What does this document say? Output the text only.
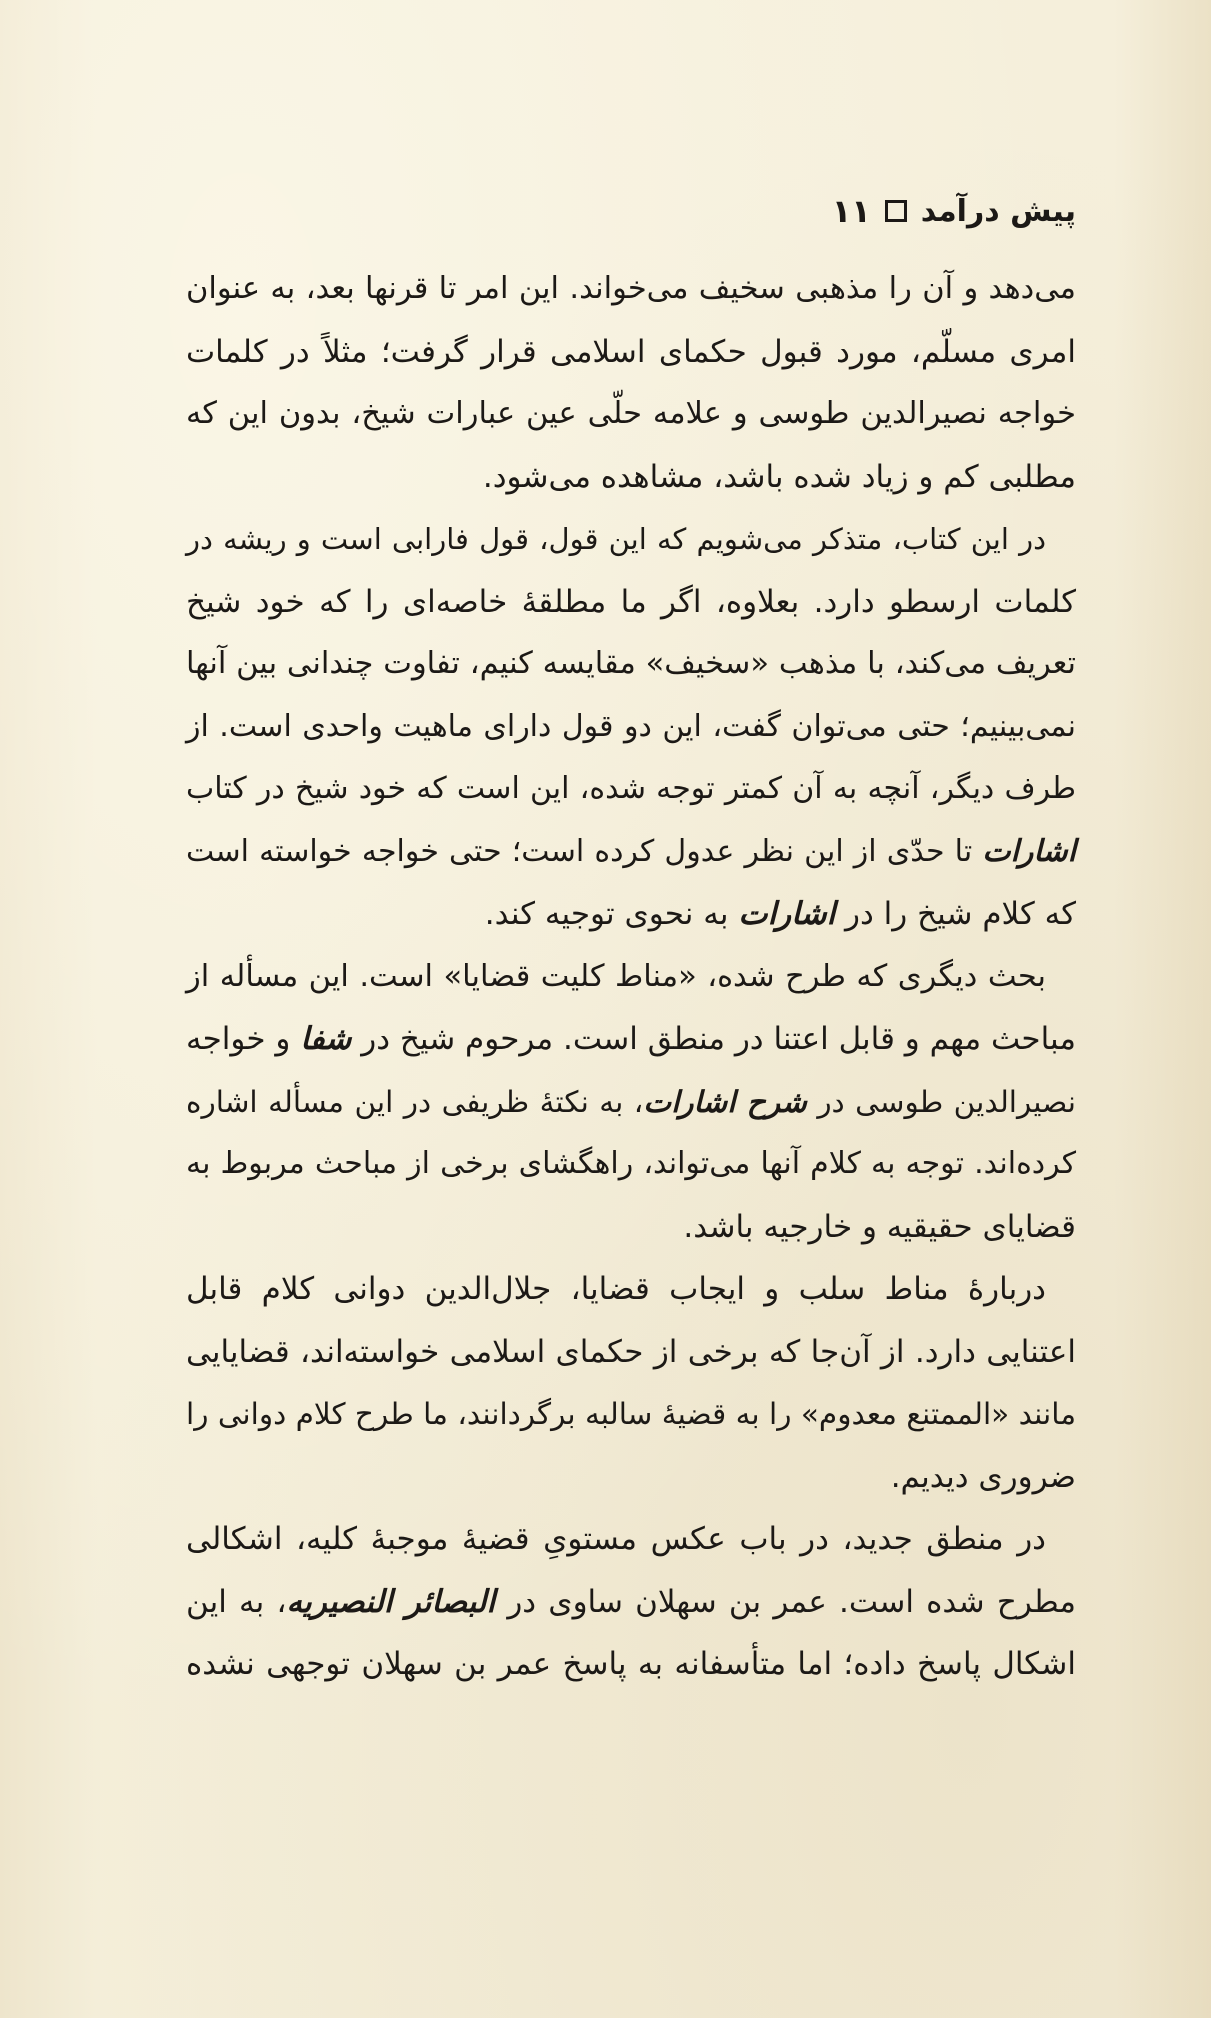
پیش درآمد
۱۱
می‌دهد و آن را مذهبی سخیف می‌خواند. این امر تا قرنها بعد، به عنوان
امری مسلّم، مورد قبول حکمای اسلامی قرار گرفت؛ مثلاً در کلمات
خواجه نصیرالدین طوسی و علامه حلّی عین عبارات شیخ، بدون این که
مطلبی کم و زیاد شده باشد، مشاهده می‌شود.
در این کتاب، متذکر می‌شویم که این قول، قول فارابی است و ریشه در
کلمات ارسطو دارد. بعلاوه، اگر ما مطلقهٔ خاصه‌ای را که خود شیخ
تعریف می‌کند، با مذهب «سخیف» مقایسه کنیم، تفاوت چندانی بین آنها
نمی‌بینیم؛ حتی می‌توان گفت، این دو قول دارای ماهیت واحدی است. از
طرف دیگر، آنچه به آن کمتر توجه شده، این است که خود شیخ در کتاب
اشارات تا حدّی از این نظر عدول کرده است؛ حتی خواجه خواسته است
که کلام شیخ را در اشارات به نحوی توجیه کند.
بحث دیگری که طرح شده، «مناط کلیت قضایا» است. این مسأله از
مباحث مهم و قابل اعتنا در منطق است. مرحوم شیخ در شفا و خواجه
نصیرالدین طوسی در شرح اشارات، به نکتهٔ ظریفی در این مسأله اشاره
کرده‌اند. توجه به کلام آنها می‌تواند، راهگشای برخی از مباحث مربوط به
قضایای حقیقیه و خارجیه باشد.
دربارهٔ مناط سلب و ایجاب قضایا، جلال‌الدین دوانی کلام قابل
اعتنایی دارد. از آن‌جا که برخی از حکمای اسلامی خواسته‌اند، قضایایی
مانند «الممتنع معدوم» را به قضیهٔ سالبه برگردانند، ما طرح کلام دوانی را
ضروری دیدیم.
در منطق جدید، در باب عکس مستویِ قضیهٔ موجبهٔ کلیه، اشکالی
مطرح شده است. عمر بن سهلان ساوی در البصائر النصیریه، به این
اشکال پاسخ داده؛ اما متأسفانه به پاسخ عمر بن سهلان توجهی نشده
